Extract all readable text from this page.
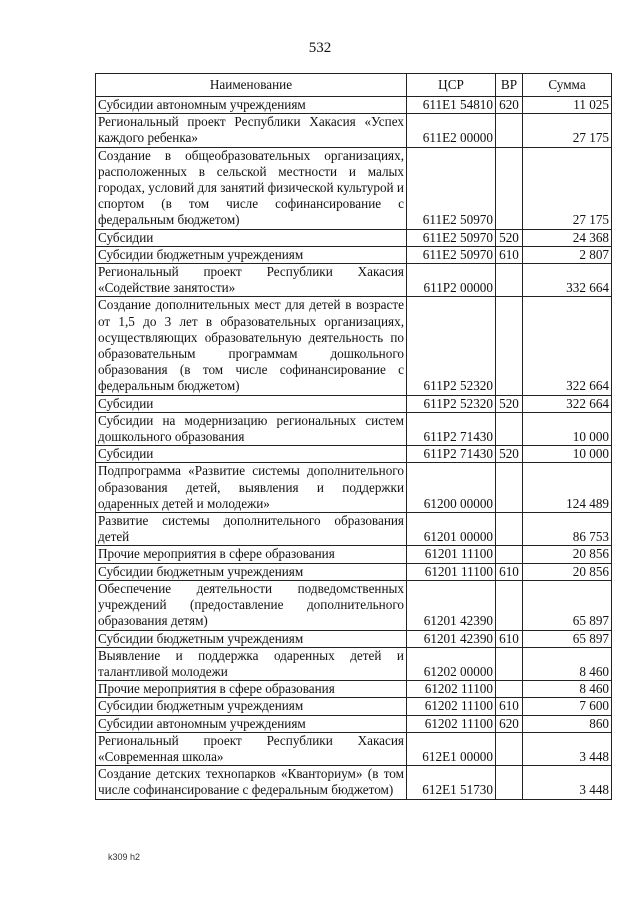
532
Наименование	ЦСР	ВР	Сумма
Субсидии автономным учреждениям	611Е1 54810	620	11 025
Региональный проект Республики Хакасия «Успех каждого ребенка»	611Е2 00000		27 175
Создание в общеобразовательных организациях, расположенных в сельской местности и малых городах, условий для занятий физической культурой и спортом (в том числе софинансирование с федеральным бюджетом)	611Е2 50970		27 175
Субсидии	611Е2 50970	520	24 368
Субсидии бюджетным учреждениям	611Е2 50970	610	2 807
Региональный проект Республики Хакасия «Содействие занятости»	611Р2 00000		332 664
Создание дополнительных мест для детей в возрасте от 1,5 до 3 лет в образовательных организациях, осуществляющих образовательную деятельность по образовательным программам дошкольного образования (в том числе софинансирование с федеральным бюджетом)	611Р2 52320		322 664
Субсидии	611Р2 52320	520	322 664
Субсидии на модернизацию региональных систем дошкольного образования	611Р2 71430		10 000
Субсидии	611Р2 71430	520	10 000
Подпрограмма «Развитие системы дополнительного образования детей, выявления и поддержки одаренных детей и молодежи»	61200 00000		124 489
Развитие системы дополнительного образования детей	61201 00000		86 753
Прочие мероприятия в сфере образования	61201 11100		20 856
Субсидии бюджетным учреждениям	61201 11100	610	20 856
Обеспечение деятельности подведомственных учреждений (предоставление дополнительного образования детям)	61201 42390		65 897
Субсидии бюджетным учреждениям	61201 42390	610	65 897
Выявление и поддержка одаренных детей и талантливой молодежи	61202 00000		8 460
Прочие мероприятия в сфере образования	61202 11100		8 460
Субсидии бюджетным учреждениям	61202 11100	610	7 600
Субсидии автономным учреждениям	61202 11100	620	860
Региональный проект Республики Хакасия «Современная школа»	612Е1 00000		3 448
Создание детских технопарков «Кванториум» (в том числе софинансирование с федеральным бюджетом)	612Е1 51730		3 448
k309 h2
